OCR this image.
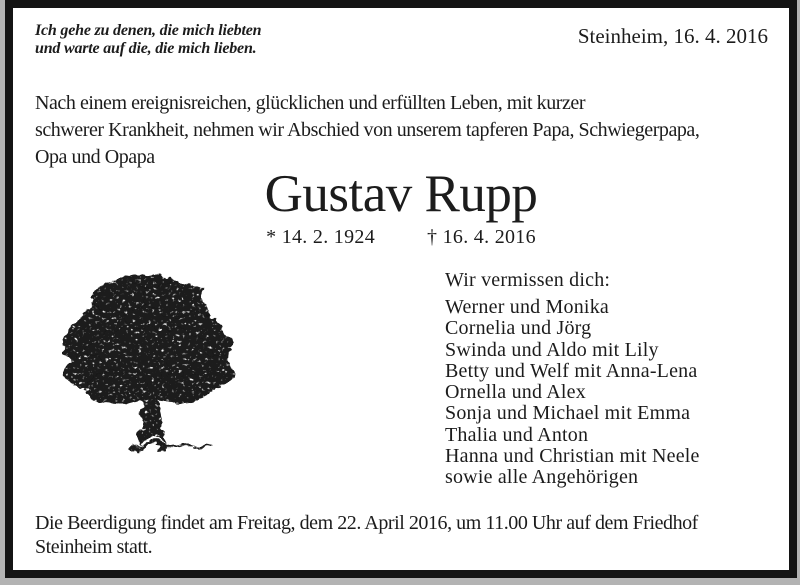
Ich gehe zu denen, die mich liebten
und warte auf die, die mich lieben.	Steinheim, 16. 4. 2016
Nach einem ereignisreichen, glücklichen und erfüllten Leben, mit kurzer
schwerer Krankheit, nehmen wir Abschied von unserem tapferen Papa, Schwiegerpapa,
Opa und Opapa
Gustav Rupp
* 14. 2. 1924	† 16. 4. 2016
Wir vermissen dich:
Werner und Monika
Cornelia und Jörg
Swinda und Aldo mit Lily
Betty und Welf mit Anna-Lena
Ornella und Alex
Sonja und Michael mit Emma
Thalia und Anton
Hanna und Christian mit Neele
sowie alle Angehörigen
Die Beerdigung findet am Freitag, dem 22. April 2016, um 11.00 Uhr auf dem Friedhof
Steinheim statt.
